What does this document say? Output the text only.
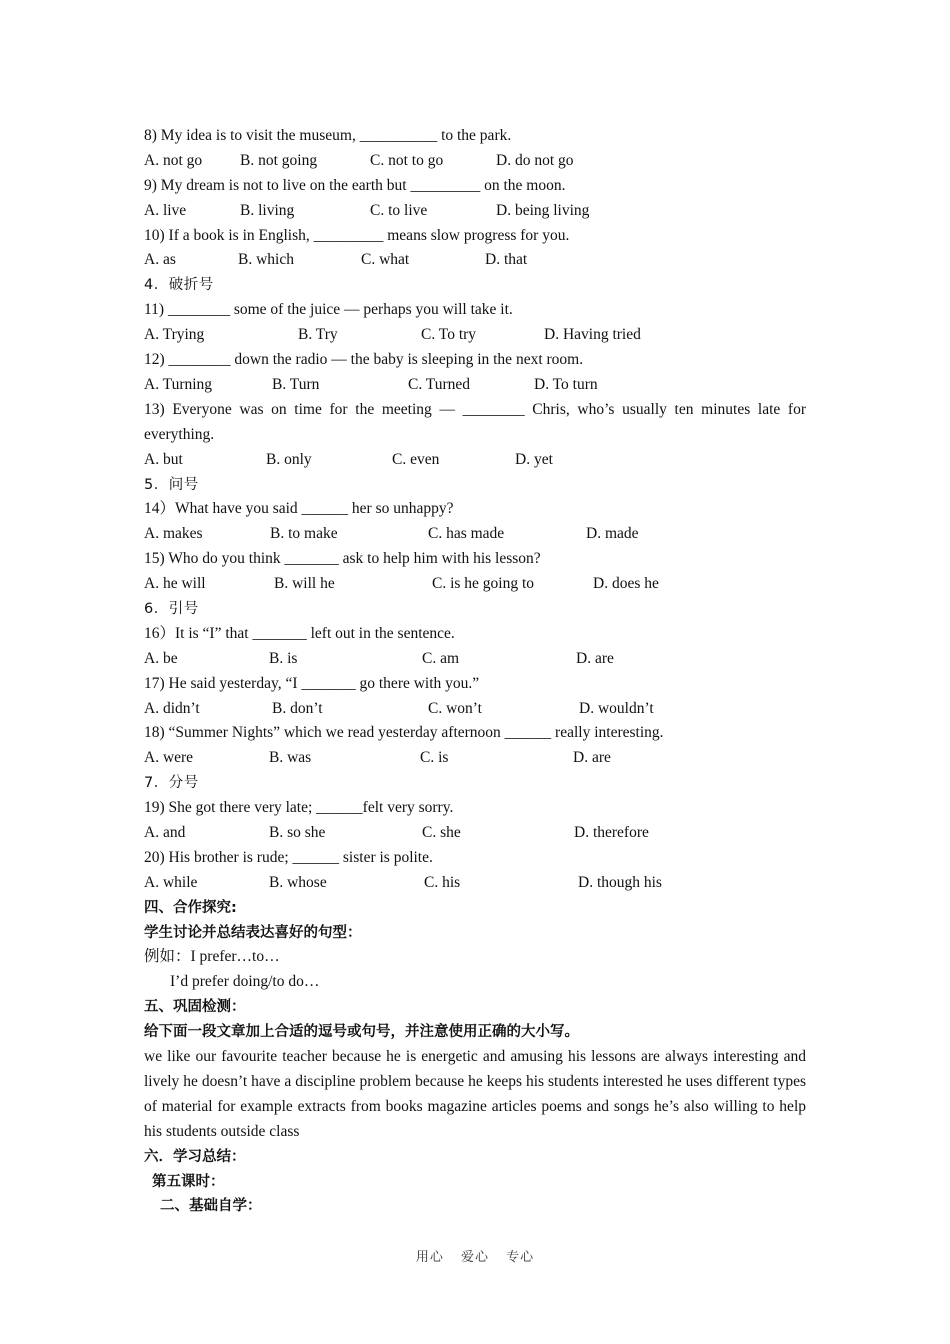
8) My idea is to visit the museum, __________ to the park.
A. not go B. not going	C. not to go	D. do not go
9) My dream is not to live on the earth but _________ on the moon.
A. live	B. living	C. to live	D. being living
10) If a book is in English, _________ means slow progress for you.
A. as	B. which	C. what	D. that
4．破折号
11) ________ some of the juice — perhaps you will take it.
A. Trying	B. Try	C. To try	D. Having tried
12) ________ down the radio — the baby is sleeping in the next room.
A. Turning	B. Turn	C. Turned	D. To turn
13) Everyone was on time for the meeting — ________ Chris, who’s usually ten minutes late for everything.
A. but	B. only	C. even	D. yet
5．问号
14）What have you said ______ her so unhappy?
A. makes	B. to make	C. has made	D. made
15) Who do you think _______ ask to help him with his lesson?
A. he will	B. will he	C. is he going to	D. does he
6．引号
16）It is “I” that _______ left out in the sentence.
A. be	B. is	C. am	D. are
17) He said yesterday, “I _______ go there with you.”
A. didn’t	B. don’t	C. won’t	D. wouldn’t
18) “Summer Nights” which we read yesterday afternoon ______ really interesting.
A. were	B. was	C. is	D. are
7．分号
19) She got there very late; ______felt very sorry.
A. and	B. so she	C. she	D. therefore
20) His brother is rude; ______ sister is polite.
A. while	B. whose	C. his	D. though his
四、合作探究:
学生讨论并总结表达喜好的句型：
例如：I prefer…to…
I’d prefer doing/to do…
五、巩固检测：
给下面一段文章加上合适的逗号或句号，并注意使用正确的大小写。
we like our favourite teacher because he is energetic and amusing his lessons are always interesting and lively he doesn’t have a discipline problem because he keeps his students interested he uses different types of material for example extracts from books magazine articles poems and songs he’s also willing to help his students outside class
六．学习总结：
第五课时：
二、基础自学：
用心 爱心 专心
